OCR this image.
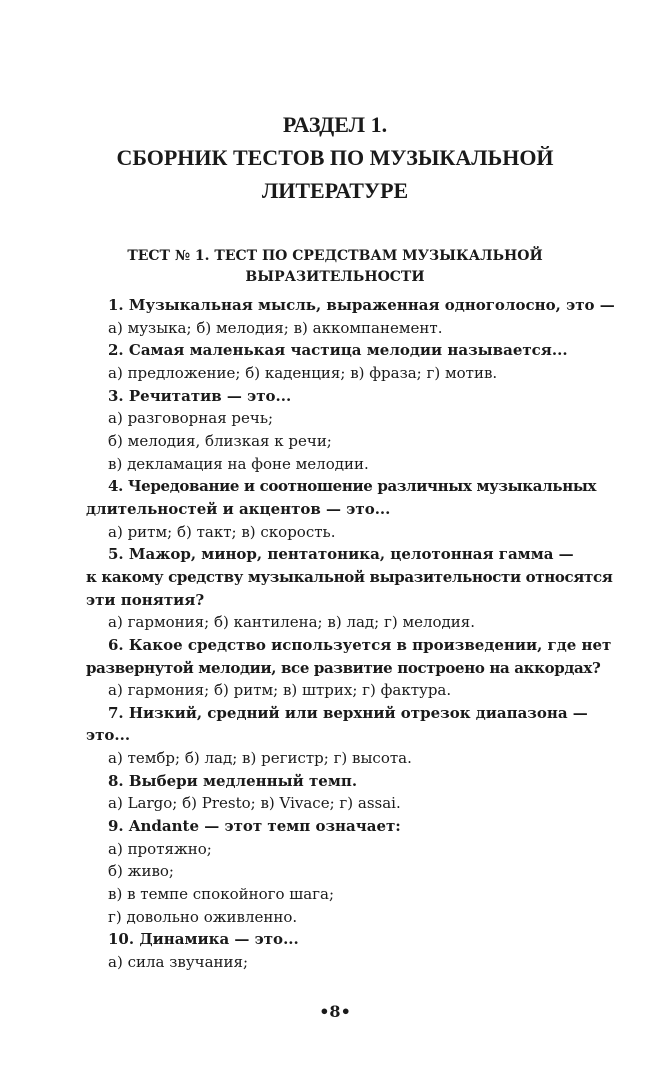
РАЗДЕЛ 1.
СБОРНИК ТЕСТОВ ПО МУЗЫКАЛЬНОЙ
ЛИТЕРАТУРЕ
ТЕСТ № 1. ТЕСТ ПО СРЕДСТВАМ МУЗЫКАЛЬНОЙ
ВЫРАЗИТЕЛЬНОСТИ
1. Музыкальная мысль, выраженная одноголосно, это —
а) музыка; б) мелодия; в) аккомпанемент.
2. Самая маленькая частица мелодии называется...
а) предложение; б) каденция; в) фраза; г) мотив.
3. Речитатив — это...
а) разговорная речь;
б) мелодия, близкая к речи;
в) декламация на фоне мелодии.
4. Чередование и соотношение различных музыкальных
длительностей и акцентов — это...
а) ритм; б) такт; в) скорость.
5. Мажор, минор, пентатоника, целотонная гамма —
к какому средству музыкальной выразительности относятся
эти понятия?
а) гармония; б) кантилена; в) лад; г) мелодия.
6. Какое средство используется в произведении, где нет
развернутой мелодии, все развитие построено на аккордах?
а) гармония; б) ритм; в) штрих; г) фактура.
7. Низкий, средний или верхний отрезок диапазона —
это...
а) тембр; б) лад; в) регистр; г) высота.
8. Выбери медленный темп.
а) Largo; б) Presto; в) Vivace; г) assai.
9. Andante — этот темп означает:
а) протяжно;
б) живо;
в) в темпе спокойного шага;
г) довольно оживленно.
10. Динамика — это...
а) сила звучания;
•8•
